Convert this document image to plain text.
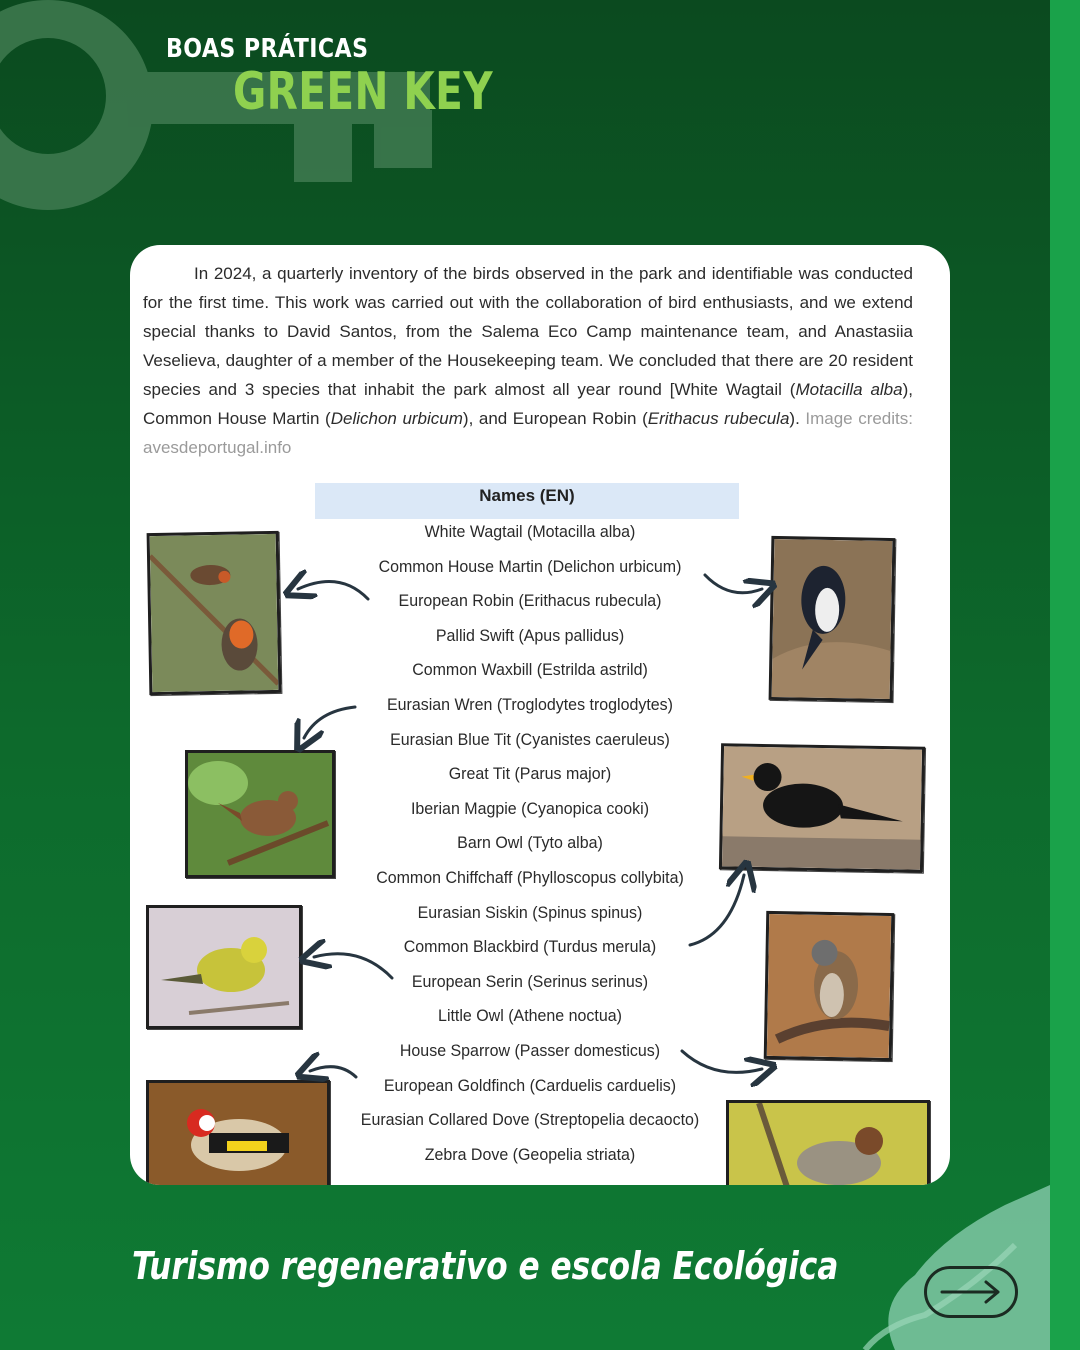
BOAS PRÁTICAS
GREEN KEY

   In 2024, a quarterly inventory of the birds observed in the park and identifiable was conducted for the first time. This work was carried out with the collaboration of bird enthusiasts, and we extend special thanks to David Santos, from the Salema Eco Camp maintenance team, and Anastasiia Veselieva, daughter of a member of the Housekeeping team. We concluded that there are 20 resident species and 3 species that inhabit the park almost all year round [White Wagtail (Motacilla alba), Common House Martin (Delichon urbicum), and European Robin (Erithacus rubecula). Image credits: avesdeportugal.info

Names (EN)
White Wagtail (Motacilla alba)
Common House Martin (Delichon urbicum)
European Robin (Erithacus rubecula)
Pallid Swift (Apus pallidus)
Common Waxbill (Estrilda astrild)
Eurasian Wren (Troglodytes troglodytes)
Eurasian Blue Tit (Cyanistes caeruleus)
Great Tit (Parus major)
Iberian Magpie (Cyanopica cooki)
Barn Owl (Tyto alba)
Common Chiffchaff (Phylloscopus collybita)
Eurasian Siskin (Spinus spinus)
Common Blackbird (Turdus merula)
European Serin (Serinus serinus)
Little Owl (Athene noctua)
House Sparrow (Passer domesticus)
European Goldfinch (Carduelis carduelis)
Eurasian Collared Dove (Streptopelia decaocto)
Zebra Dove (Geopelia striata)
Turismo regenerativo e escola Ecológica
